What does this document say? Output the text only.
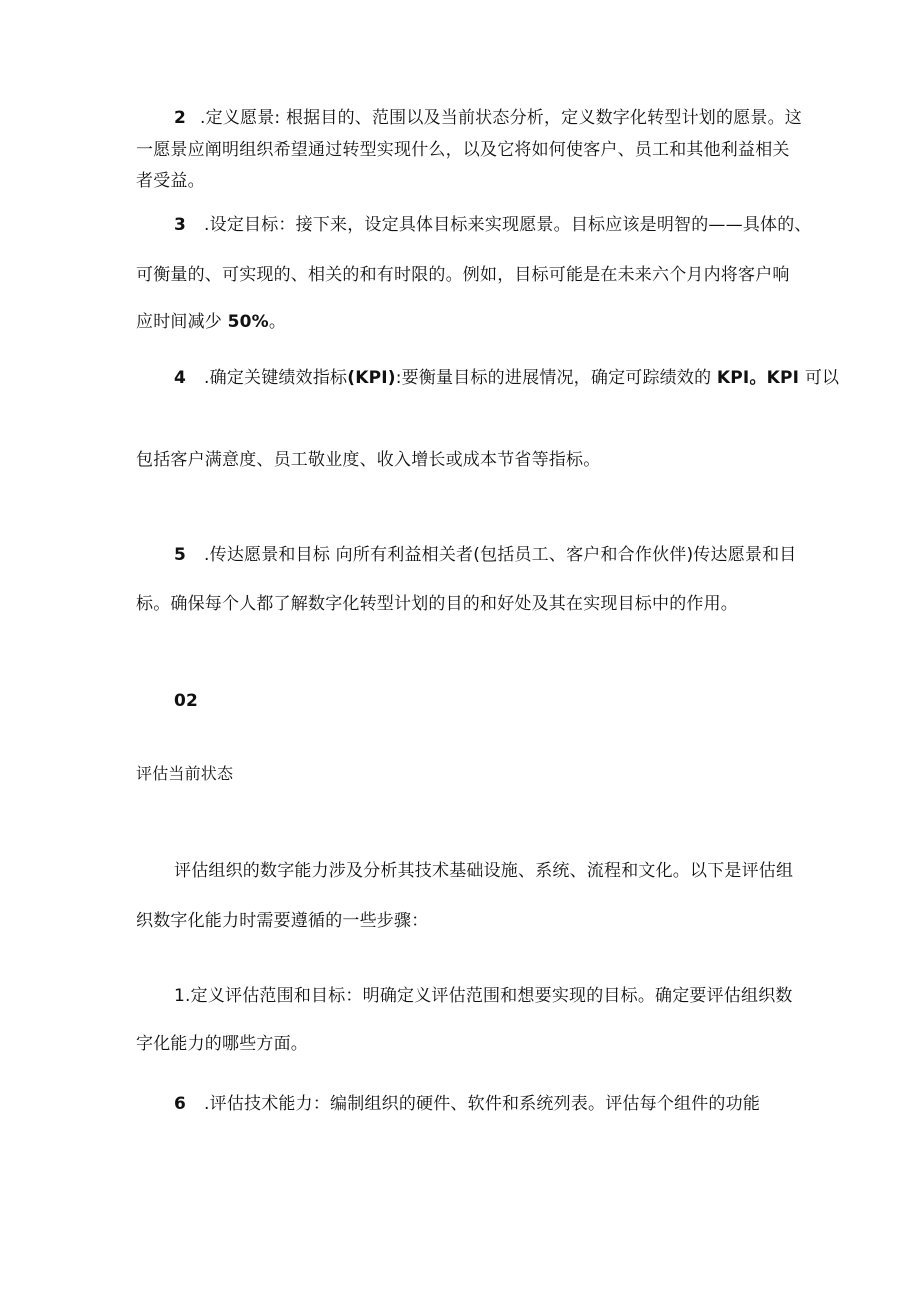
2 .定义愿景: 根据目的、范围以及当前状态分析，定义数字化转型计划的愿景。这
一愿景应阐明组织希望通过转型实现什么，以及它将如何使客户、员工和其他利益相关
者受益。
3 .设定目标：接下来，设定具体目标来实现愿景。目标应该是明智的——具体的、
可衡量的、可实现的、相关的和有时限的。例如，目标可能是在未来六个月内将客户响
应时间减少 50%。
4 .确定关键绩效指标(KPI):要衡量目标的进展情况，确定可踪绩效的 KPI。KPI 可以
包括客户满意度、员工敬业度、收入增长或成本节省等指标。
5 .传达愿景和目标 向所有利益相关者(包括员工、客户和合作伙伴)传达愿景和目
标。确保每个人都了解数字化转型计划的目的和好处及其在实现目标中的作用。
02
评估当前状态
评估组织的数字能力涉及分析其技术基础设施、系统、流程和文化。以下是评估组
织数字化能力时需要遵循的一些步骤：
1.定义评估范围和目标：明确定义评估范围和想要实现的目标。确定要评估组织数
字化能力的哪些方面。
6 .评估技术能力：编制组织的硬件、软件和系统列表。评估每个组件的功能
